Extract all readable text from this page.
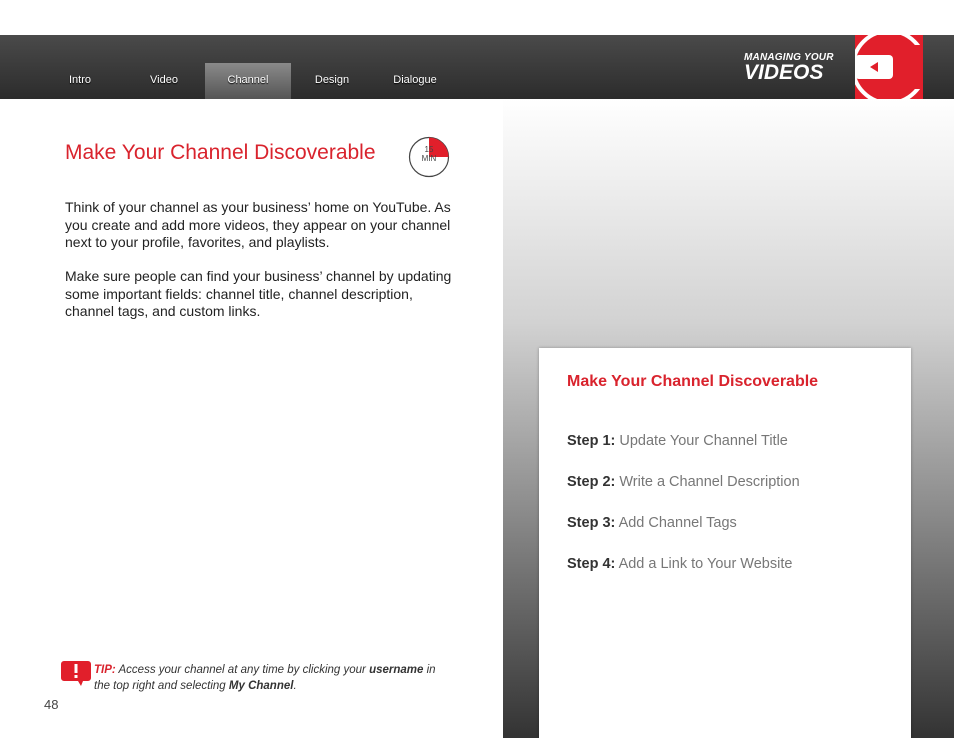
Intro	Video	Channel	Design	Dialogue
MANAGING YOUR
VIDEOS
Make Your Channel Discoverable	15
MIN
Think of your channel as your business’ home on YouTube. As you create and add more videos, they appear on your channel next to your profile, favorites, and playlists.
Make sure people can find your business’ channel by updating some important fields: channel title, channel description, channel tags, and custom links.
TIP: Access your channel at any time by clicking your username in the top right and selecting My Channel.
48
Make Your Channel Discoverable
Step 1: Update Your Channel Title
Step 2: Write a Channel Description
Step 3: Add Channel Tags
Step 4: Add a Link to Your Website
